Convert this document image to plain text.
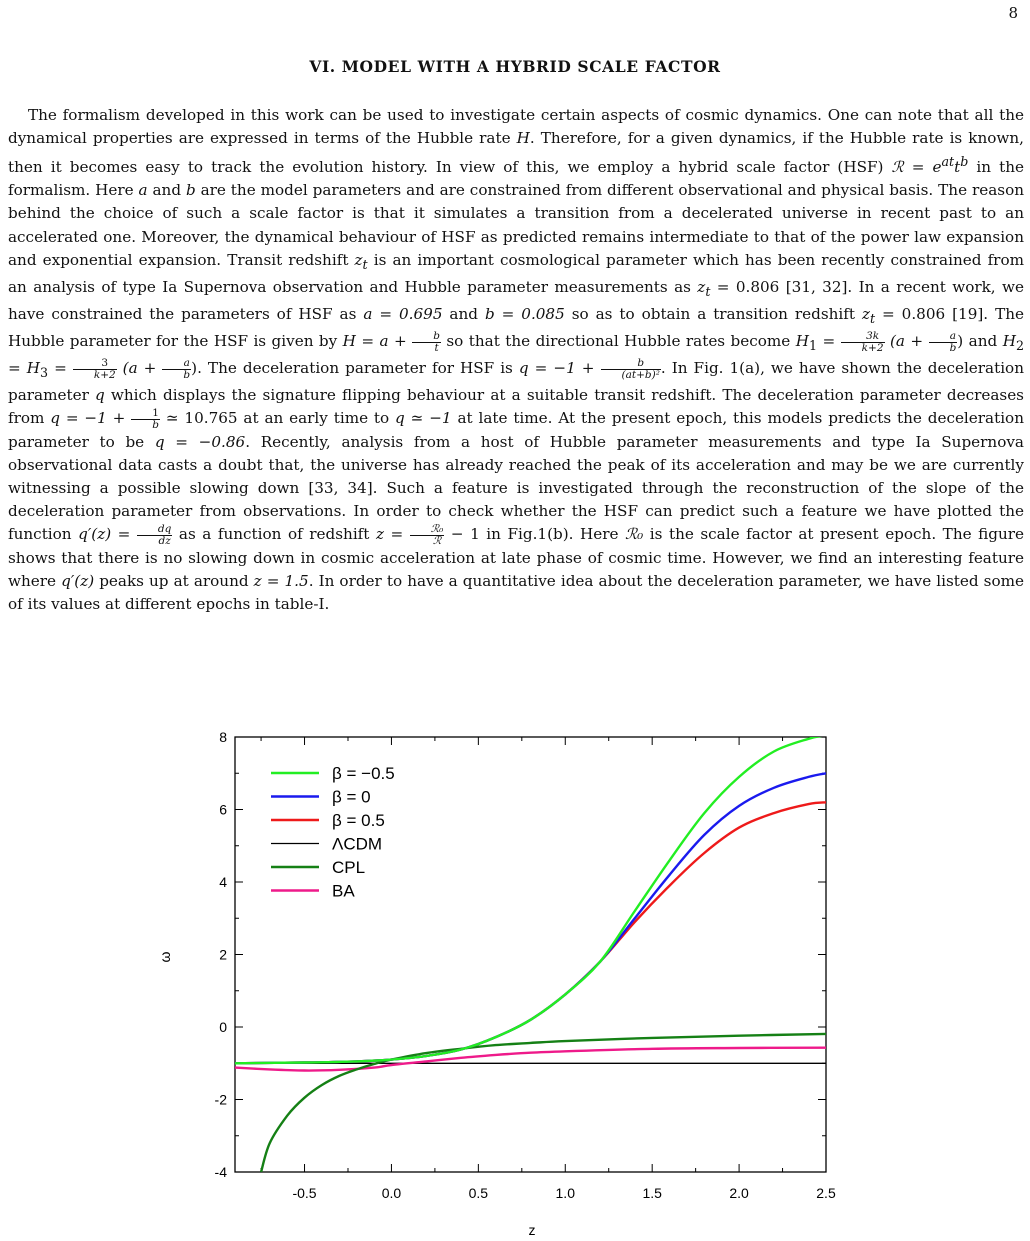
8
VI. MODEL WITH A HYBRID SCALE FACTOR

The formalism developed in this work can be used to investigate certain aspects of cosmic dynamics. One can note that all the dynamical properties are expressed in terms of the Hubble rate H. Therefore, for a given dynamics, if the Hubble rate is known, then it becomes easy to track the evolution history. In view of this, we employ a hybrid scale factor (HSF) ℛ = $e^{at}t^b$ in the formalism. Here a and b are the model parameters and are constrained from different observational and physical basis. The reason behind the choice of such a scale factor is that it simulates a transition from a decelerated universe in recent past to an accelerated one. Moreover, the dynamical behaviour of HSF as predicted remains intermediate to that of the power law expansion and exponential expansion. Transit redshift $z_t$ is an important cosmological parameter which has been recently constrained from an analysis of type Ia Supernova observation and Hubble parameter measurements as $z_t = 0.806$ [31, 32]. In a recent work, we have constrained the parameters of HSF as a = 0.695 and b = 0.085 so as to obtain a transition redshift $z_t = 0.806$ [19]. The Hubble parameter for the HSF is given by $H = a + \frac{b}{t}$ so that the directional Hubble rates become $H_1 = \frac{3k}{k+2} (a + \frac{a}{b}$ ) and $H_2 = H_3 = \frac{3}{k+2} (a + \frac{a}{b}$ ). The deceleration parameter for HSF is $q = -1 + \frac{b}{\text{(at+b)²}}$ . In Fig. 1(a), we have shown the deceleration parameter q which displays the signature flipping behaviour at a suitable transit redshift. The deceleration parameter decreases from $q = -1 + \frac{1}{b}$ ≃ 10.765 at an early time to q ≃ −1 at late time. At the present epoch, this models predicts the deceleration parameter to be q = −0.86. Recently, analysis from a host of Hubble parameter measurements and type Ia Supernova observational data casts a doubt that, the universe has already reached the peak of its acceleration and may be we are currently witnessing a possible slowing down [33, 34]. Such a feature is investigated through the reconstruction of the slope of the deceleration parameter from observations. In order to check whether the HSF can predict such a feature we have plotted the function $q'(z) = \frac{dq}{dz}$ as a function of redshift $z = \frac{\text{ℛ₀}}{\text{ℛ}} - 1$ in Fig.1(b). Here ℛ₀ is the scale factor at present epoch. The figure shows that there is no slowing down in cosmic acceleration at late phase of cosmic time. However, we find an interesting feature where q′(z) peaks up at around z = 1.5. In order to have a quantitative idea about the deceleration parameter, we have listed some of its values at different epochs in table-I.

-0.5	0.0	0.5	1.0	1.5	2.0	2.5
-4
-2
0
2
4
6
8
β = −0.5
β = 0
β = 0.5
ΛCDM
CPL
BA
z
ω
